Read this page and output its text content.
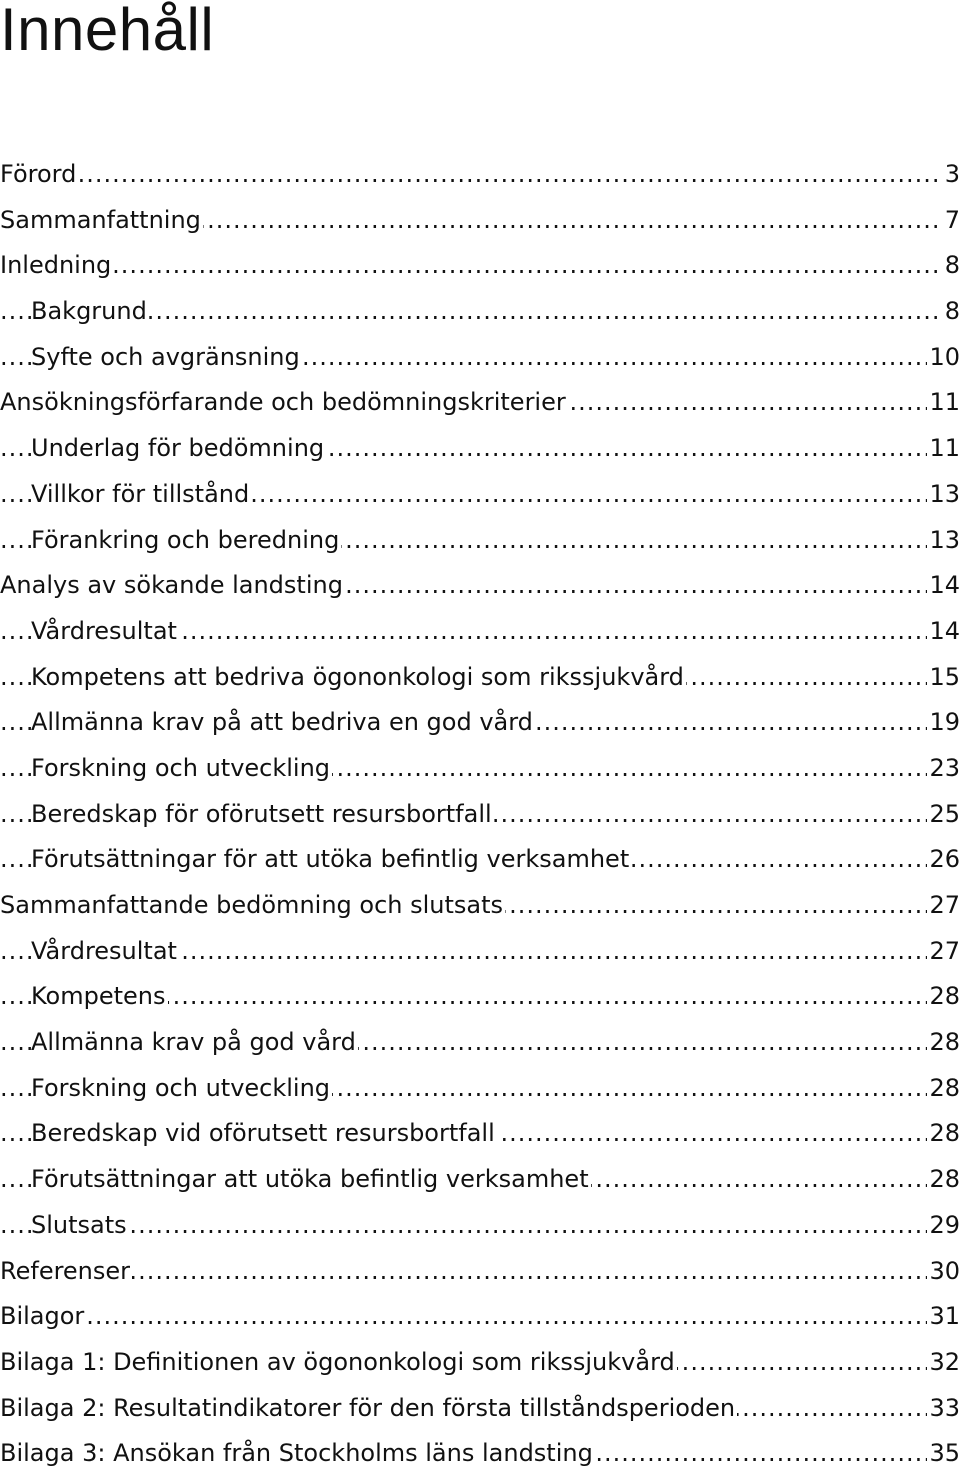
Innehåll
..... Förord	3
..... Sammanfattning	7
..... Inledning	8
..... Bakgrund	8
..... Syfte och avgränsning	10
..... Ansökningsförfarande och bedömningskriterier	11
..... Underlag för bedömning	11
..... Villkor för tillstånd	13
..... Förankring och beredning	13
..... Analys av sökande landsting	14
..... Vårdresultat	14
..... Kompetens att bedriva ögononkologi som rikssjukvård	15
..... Allmänna krav på att bedriva en god vård	19
..... Forskning och utveckling	23
..... Beredskap för oförutsett resursbortfall	25
..... Förutsättningar för att utöka befintlig verksamhet	26
..... Sammanfattande bedömning och slutsats	27
..... Vårdresultat	27
..... Kompetens	28
..... Allmänna krav på god vård	28
..... Forskning och utveckling	28
..... Beredskap vid oförutsett resursbortfall	28
..... Förutsättningar att utöka befintlig verksamhet	28
..... Slutsats	29
..... Referenser	30
..... Bilagor	31
..... Bilaga 1: Definitionen av ögononkologi som rikssjukvård	32
..... Bilaga 2: Resultatindikatorer för den första tillståndsperioden	33
..... Bilaga 3: Ansökan från Stockholms läns landsting	35
